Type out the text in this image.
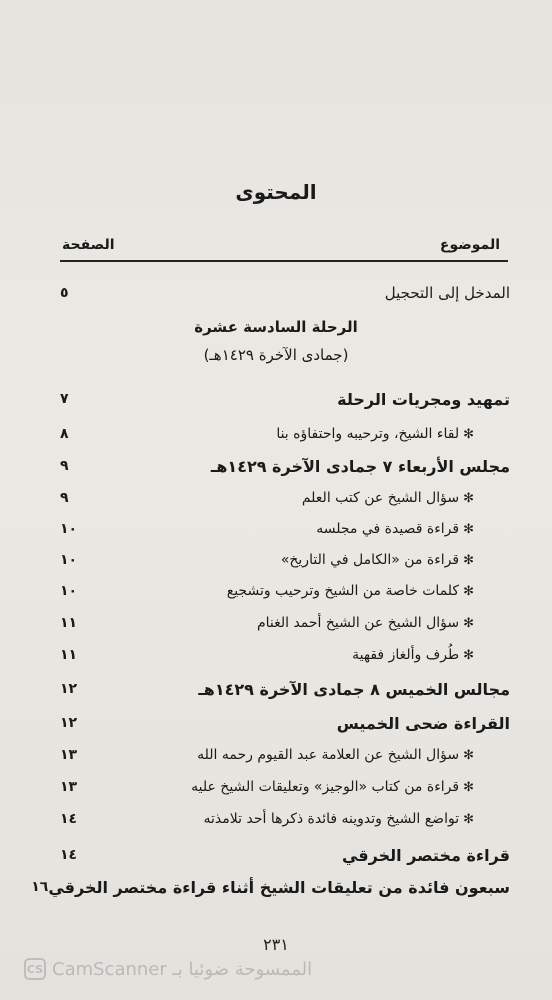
المحتوى
الموضوع
الصفحة
المدخل إلى التحجيل
٥
الرحلة السادسة عشرة
(جمادى الآخرة ١٤٢٩هـ)
تمهيد ومجريات الرحلة
٧
✻لقاء الشيخ، وترحيبه واحتفاؤه بنا
٨
مجلس الأربعاء ٧ جمادى الآخرة ١٤٢٩هـ
٩
✻سؤال الشيخ عن كتب العلم
٩
✻قراءة قصيدة في مجلسه
١٠
✻قراءة من «الكامل في التاريخ»
١٠
✻كلمات خاصة من الشيخ وترحيب وتشجيع
١٠
✻سؤال الشيخ عن الشيخ أحمد الغنام
١١
✻طُرف وألغاز فقهية
١١
مجالس الخميس ٨ جمادى الآخرة ١٤٢٩هـ
١٢
القراءة ضحى الخميس
١٢
✻سؤال الشيخ عن العلامة عبد القيوم رحمه الله
١٣
✻قراءة من كتاب «الوجيز» وتعليقات الشيخ عليه
١٣
✻تواضع الشيخ وتدوينه فائدة ذكرها أحد تلامذته
١٤
قراءة مختصر الخرقي
١٤
سبعون فائدة من تعليقات الشيخ أثناء قراءة مختصر الخرقي
١٦
٢٣١
CS الممسوحة ضوئيا بـ CamScanner
